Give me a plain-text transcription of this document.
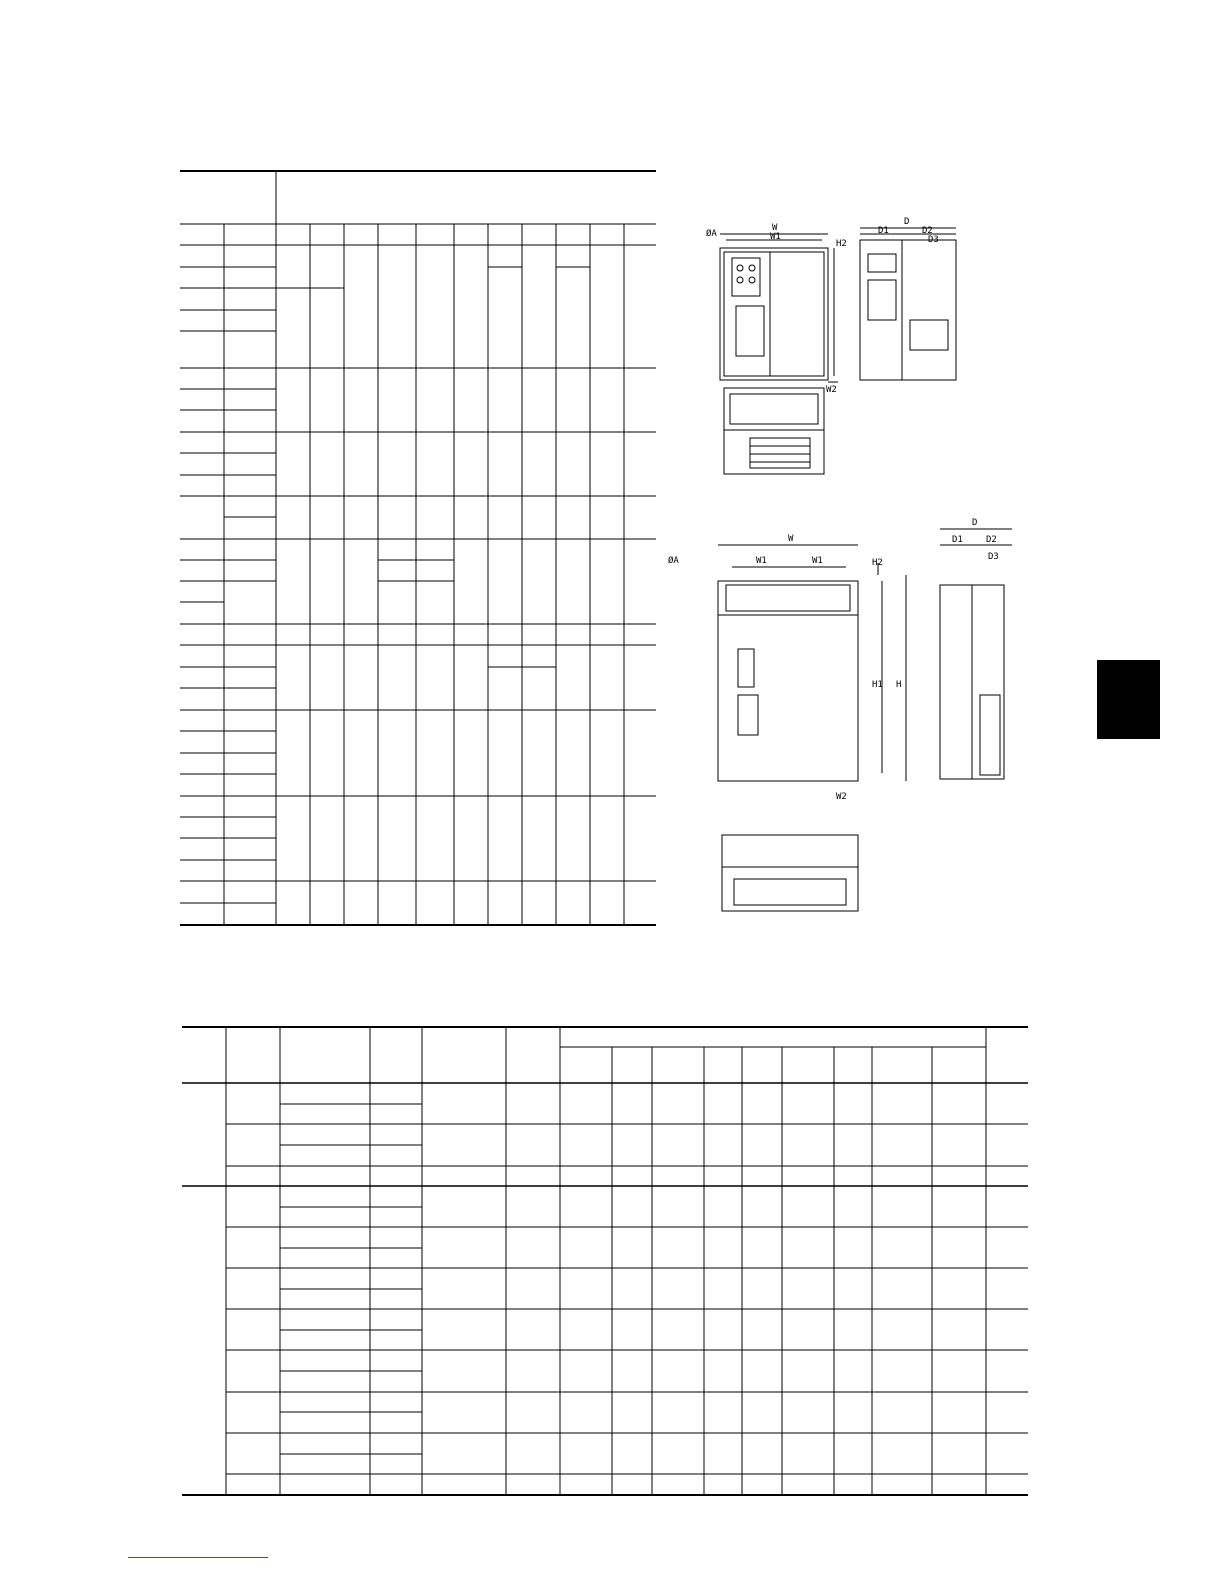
ØA
W
W1
W2
H2
D
D1	D2
D3
ØA
W
W1	W1
W2
H1 H
H2
D
D1	D2
D3
